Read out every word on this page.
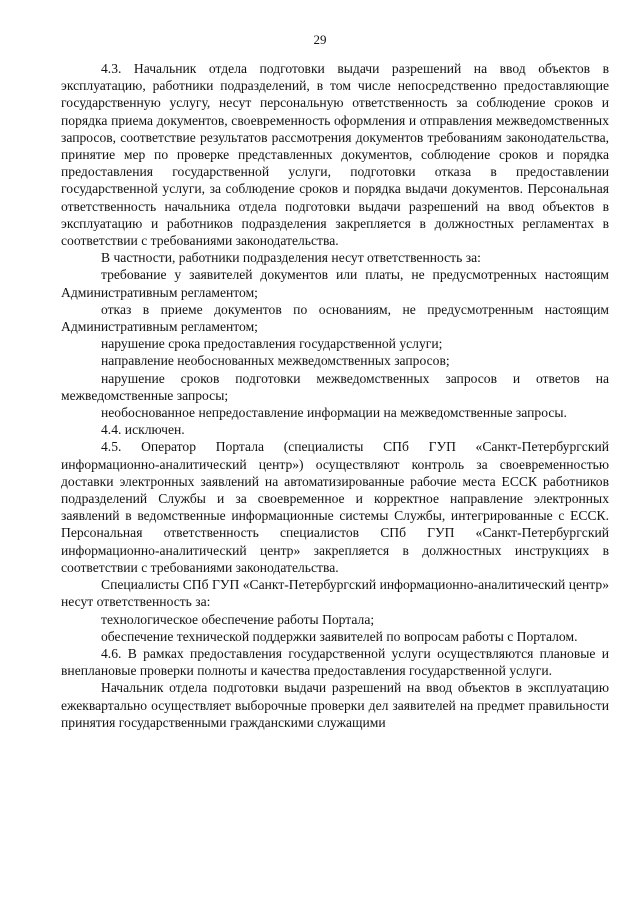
29

4.3. Начальник отдела подготовки выдачи разрешений на ввод объектов в эксплуатацию, работники подразделений, в том числе непосредственно предоставляющие государственную услугу, несут персональную ответственность за соблюдение сроков и порядка приема документов, своевременность оформления и отправления межведомственных запросов, соответствие результатов рассмотрения документов требованиям законодательства, принятие мер по проверке представленных документов, соблюдение сроков и порядка предоставления государственной услуги, подготовки отказа в предоставлении государственной услуги, за соблюдение сроков и порядка выдачи документов. Персональная ответственность начальника отдела подготовки выдачи разрешений на ввод объектов в эксплуатацию и работников подразделения закрепляется в должностных регламентах в соответствии с требованиями законодательства.

В частности, работники подразделения несут ответственность за:

требование у заявителей документов или платы, не предусмотренных настоящим Административным регламентом;

отказ в приеме документов по основаниям, не предусмотренным настоящим Административным регламентом;

нарушение срока предоставления государственной услуги;

направление необоснованных межведомственных запросов;

нарушение сроков подготовки межведомственных запросов и ответов на межведомственные запросы;

необоснованное непредоставление информации на межведомственные запросы.

4.4. исключен.

4.5. Оператор Портала (специалисты СПб ГУП «Санкт-Петербургский информационно-аналитический центр») осуществляют контроль за своевременностью доставки электронных заявлений на автоматизированные рабочие места ЕССК работников подразделений Службы и за своевременное и корректное направление электронных заявлений в ведомственные информационные системы Службы, интегрированные с ЕССК. Персональная ответственность специалистов СПб ГУП «Санкт-Петербургский информационно-аналитический центр» закрепляется в должностных инструкциях в соответствии с требованиями законодательства.

Специалисты СПб ГУП «Санкт-Петербургский информационно-аналитический центр» несут ответственность за:

технологическое обеспечение работы Портала;

обеспечение технической поддержки заявителей по вопросам работы с Порталом.

4.6. В рамках предоставления государственной услуги осуществляются плановые и внеплановые проверки полноты и качества предоставления государственной услуги.

Начальник отдела подготовки выдачи разрешений на ввод объектов в эксплуатацию ежеквартально осуществляет выборочные проверки дел заявителей на предмет правильности принятия государственными гражданскими служащими
